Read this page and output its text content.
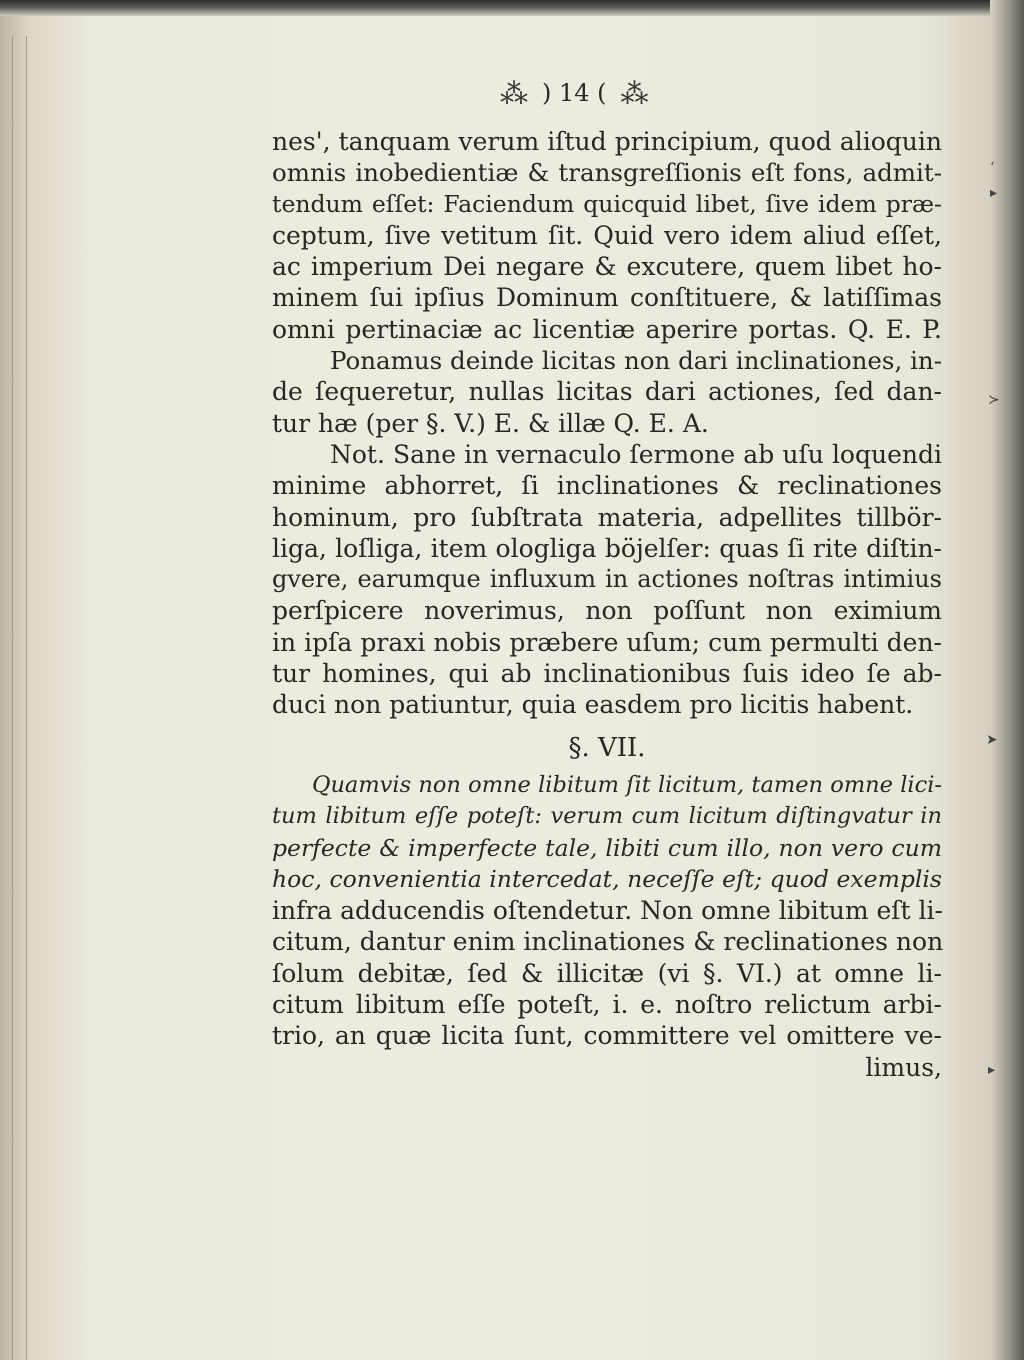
‘
▸
≻
➤
▸
⁂ ) 14 ( ⁂
nes', tanquam verum iſtud principium, quod alioquin
omnis inobedientiæ & transgreſſionis eſt fons, admit-
tendum eſſet: Faciendum quicquid libet, ſive idem præ-
ceptum, ſive vetitum ſit. Quid vero idem aliud eſſet,
ac imperium Dei negare & excutere, quem libet ho-
minem ſui ipſius Dominum conſtituere, & latiſſimas
omni pertinaciæ ac licentiæ aperire portas. Q. E. P.
Ponamus deinde licitas non dari inclinationes, in-
de ſequeretur, nullas licitas dari actiones, ſed dan-
tur hæ (per §. V.) E. & illæ Q. E. A.
Not. Sane in vernaculo ſermone ab uſu loquendi
minime abhorret, ſi inclinationes & reclinationes
hominum, pro ſubſtrata materia, adpellites tillbör-
liga, loſliga, item ologliga böjelſer: quas ſi rite diſtin-
gvere, earumque influxum in actiones noſtras intimius
perſpicere noverimus, non poſſunt non eximium
in ipſa praxi nobis præbere uſum; cum permulti den-
tur homines, qui ab inclinationibus ſuis ideo ſe ab-
duci non patiuntur, quia easdem pro licitis habent.
§. VII.
Quamvis non omne libitum ſit licitum, tamen omne lici-
tum libitum eſſe poteſt: verum cum licitum diſtingvatur in
perfecte & imperfecte tale, libiti cum illo, non vero cum
hoc, convenientia intercedat, neceſſe eſt; quod exemplis
infra adducendis oſtendetur. Non omne libitum eſt li-
citum, dantur enim inclinationes & reclinationes non
ſolum debitæ, ſed & illicitæ (vi §. VI.) at omne li-
citum libitum eſſe poteſt, i. e. noſtro relictum arbi-
trio, an quæ licita ſunt, committere vel omittere ve-
limus,
